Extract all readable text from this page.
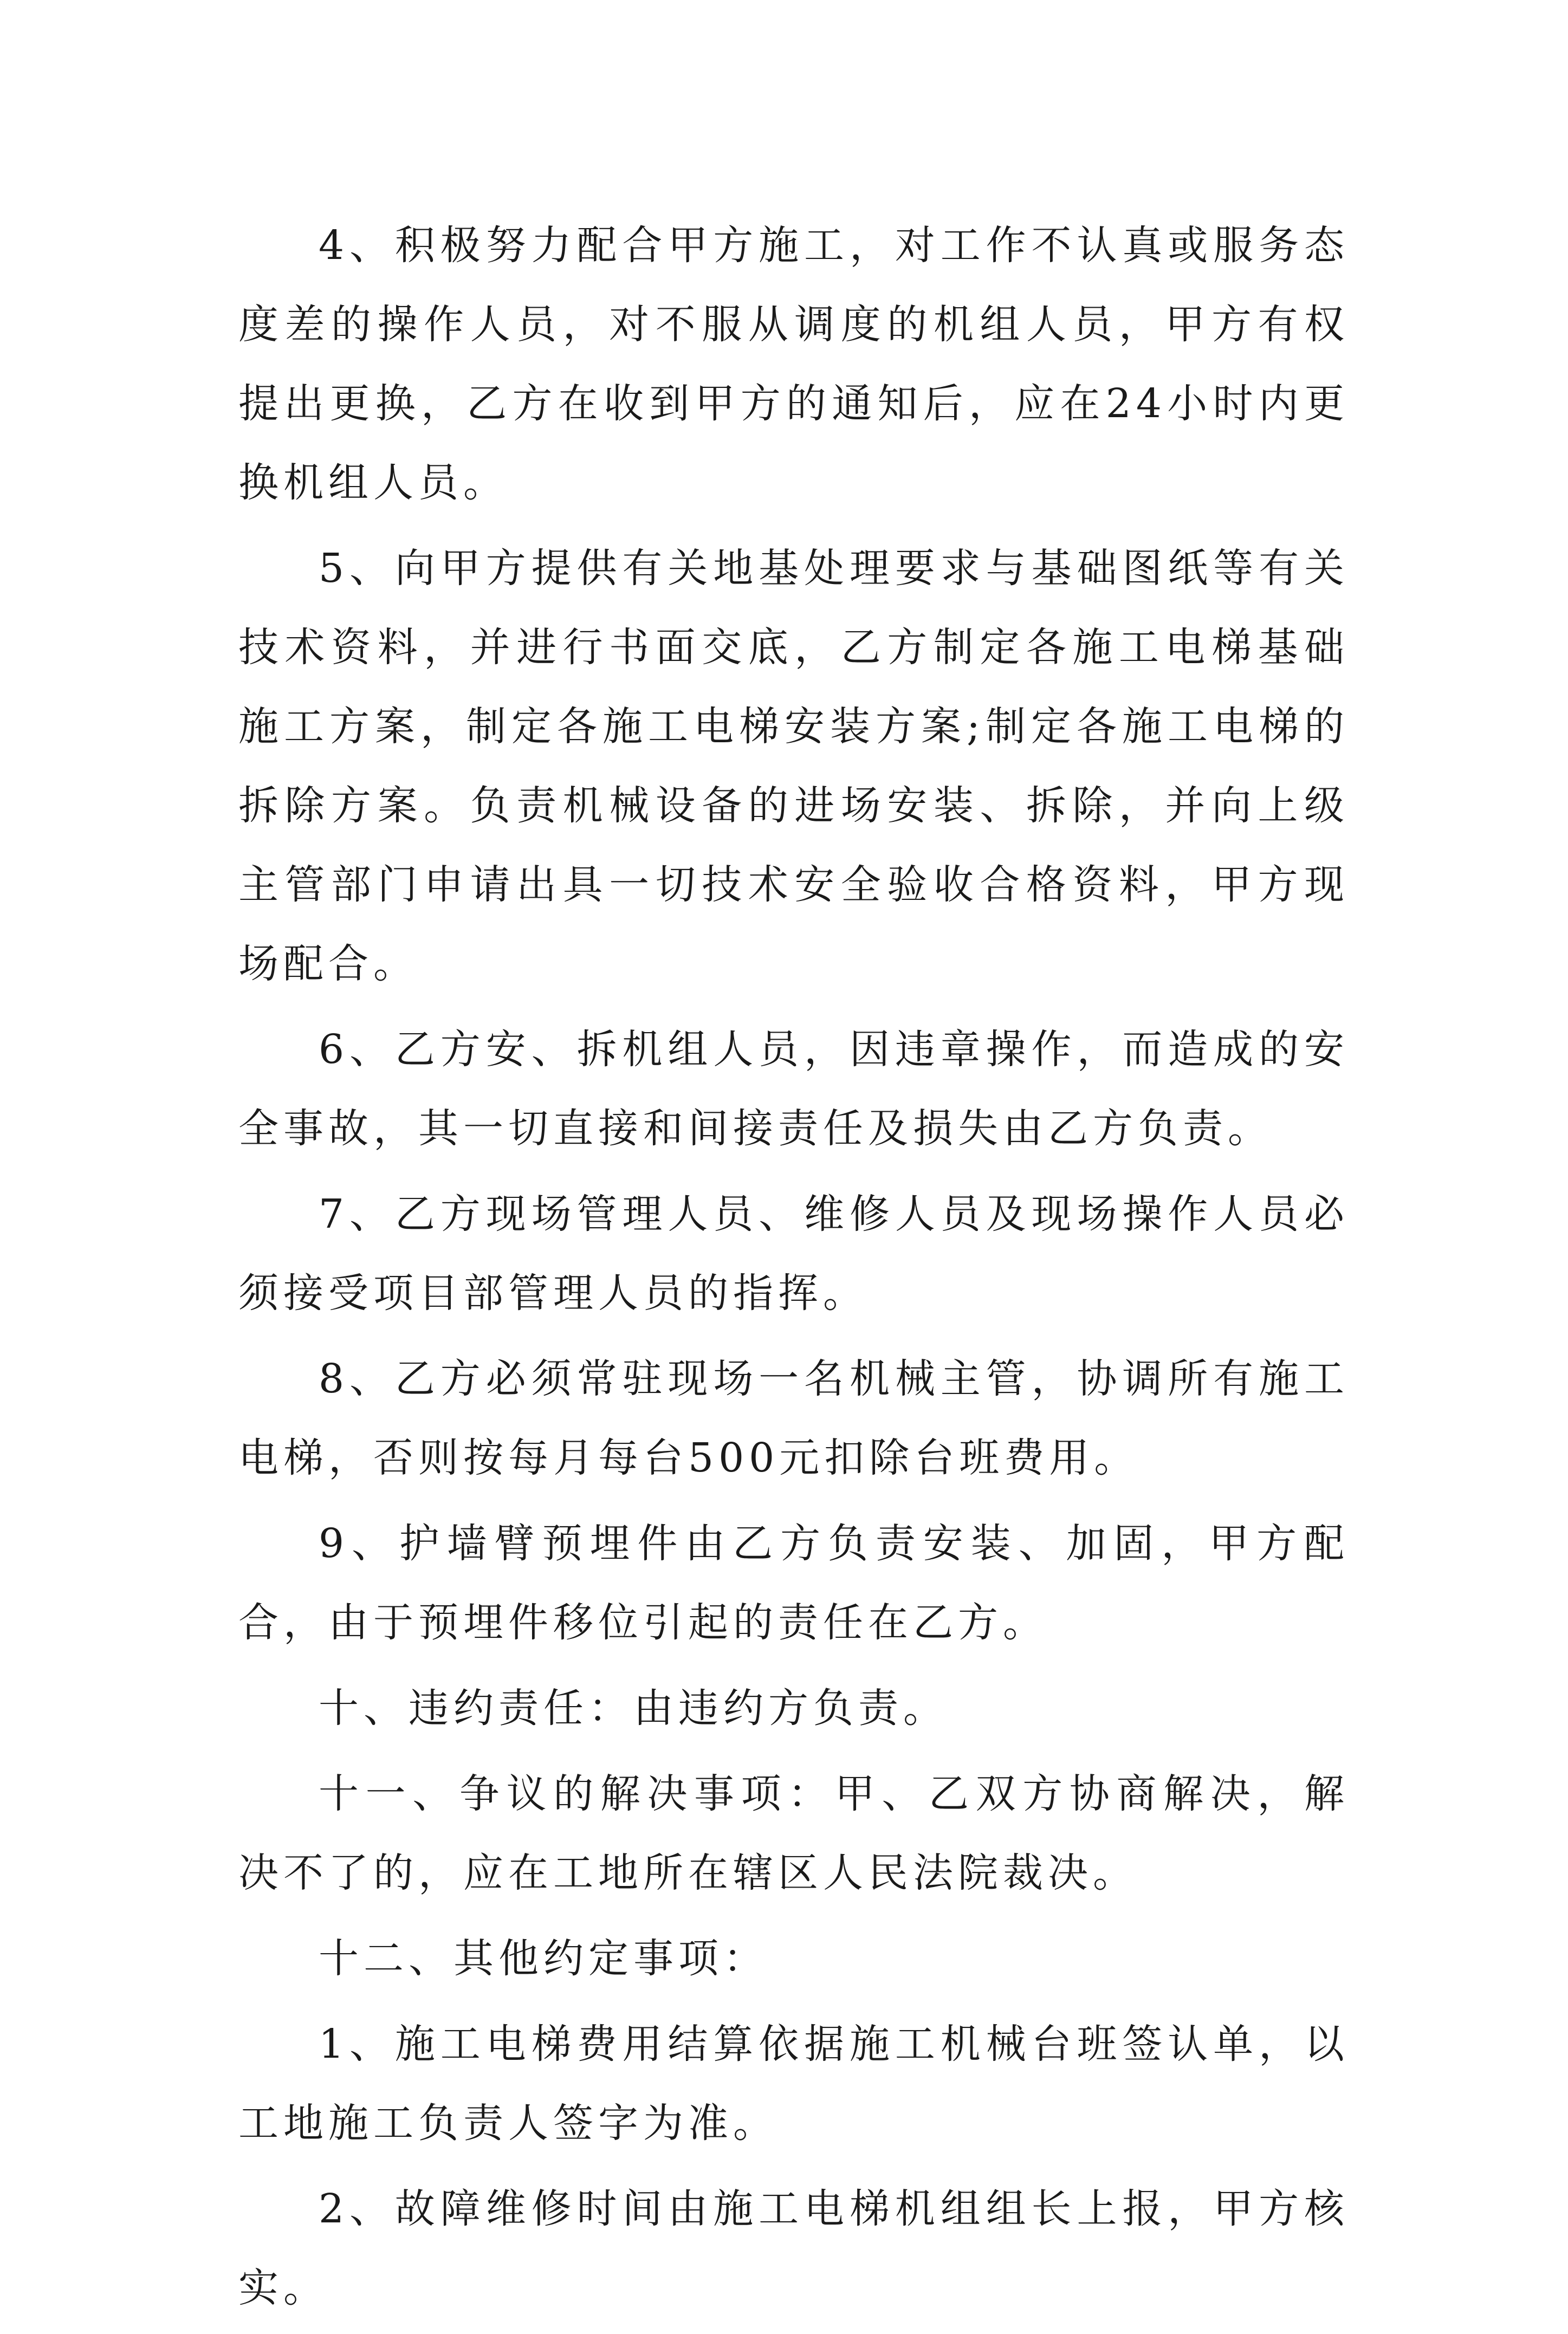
4、积极努力配合甲方施工，对工作不认真或服务态度差的操作人员，对不服从调度的机组人员，甲方有权提出更换，乙方在收到甲方的通知后，应在24小时内更换机组人员。

5、向甲方提供有关地基处理要求与基础图纸等有关技术资料，并进行书面交底，乙方制定各施工电梯基础施工方案，制定各施工电梯安装方案;制定各施工电梯的拆除方案。负责机械设备的进场安装、拆除，并向上级主管部门申请出具一切技术安全验收合格资料，甲方现场配合。

6、乙方安、拆机组人员，因违章操作，而造成的安全事故，其一切直接和间接责任及损失由乙方负责。

7、乙方现场管理人员、维修人员及现场操作人员必须接受项目部管理人员的指挥。

8、乙方必须常驻现场一名机械主管，协调所有施工电梯，否则按每月每台500元扣除台班费用。

9、护墙臂预埋件由乙方负责安装、加固，甲方配合，由于预埋件移位引起的责任在乙方。

十、违约责任：由违约方负责。

十一、争议的解决事项：甲、乙双方协商解决，解决不了的，应在工地所在辖区人民法院裁决。

十二、其他约定事项：

1、施工电梯费用结算依据施工机械台班签认单，以工地施工负责人签字为准。

2、故障维修时间由施工电梯机组组长上报，甲方核实。
